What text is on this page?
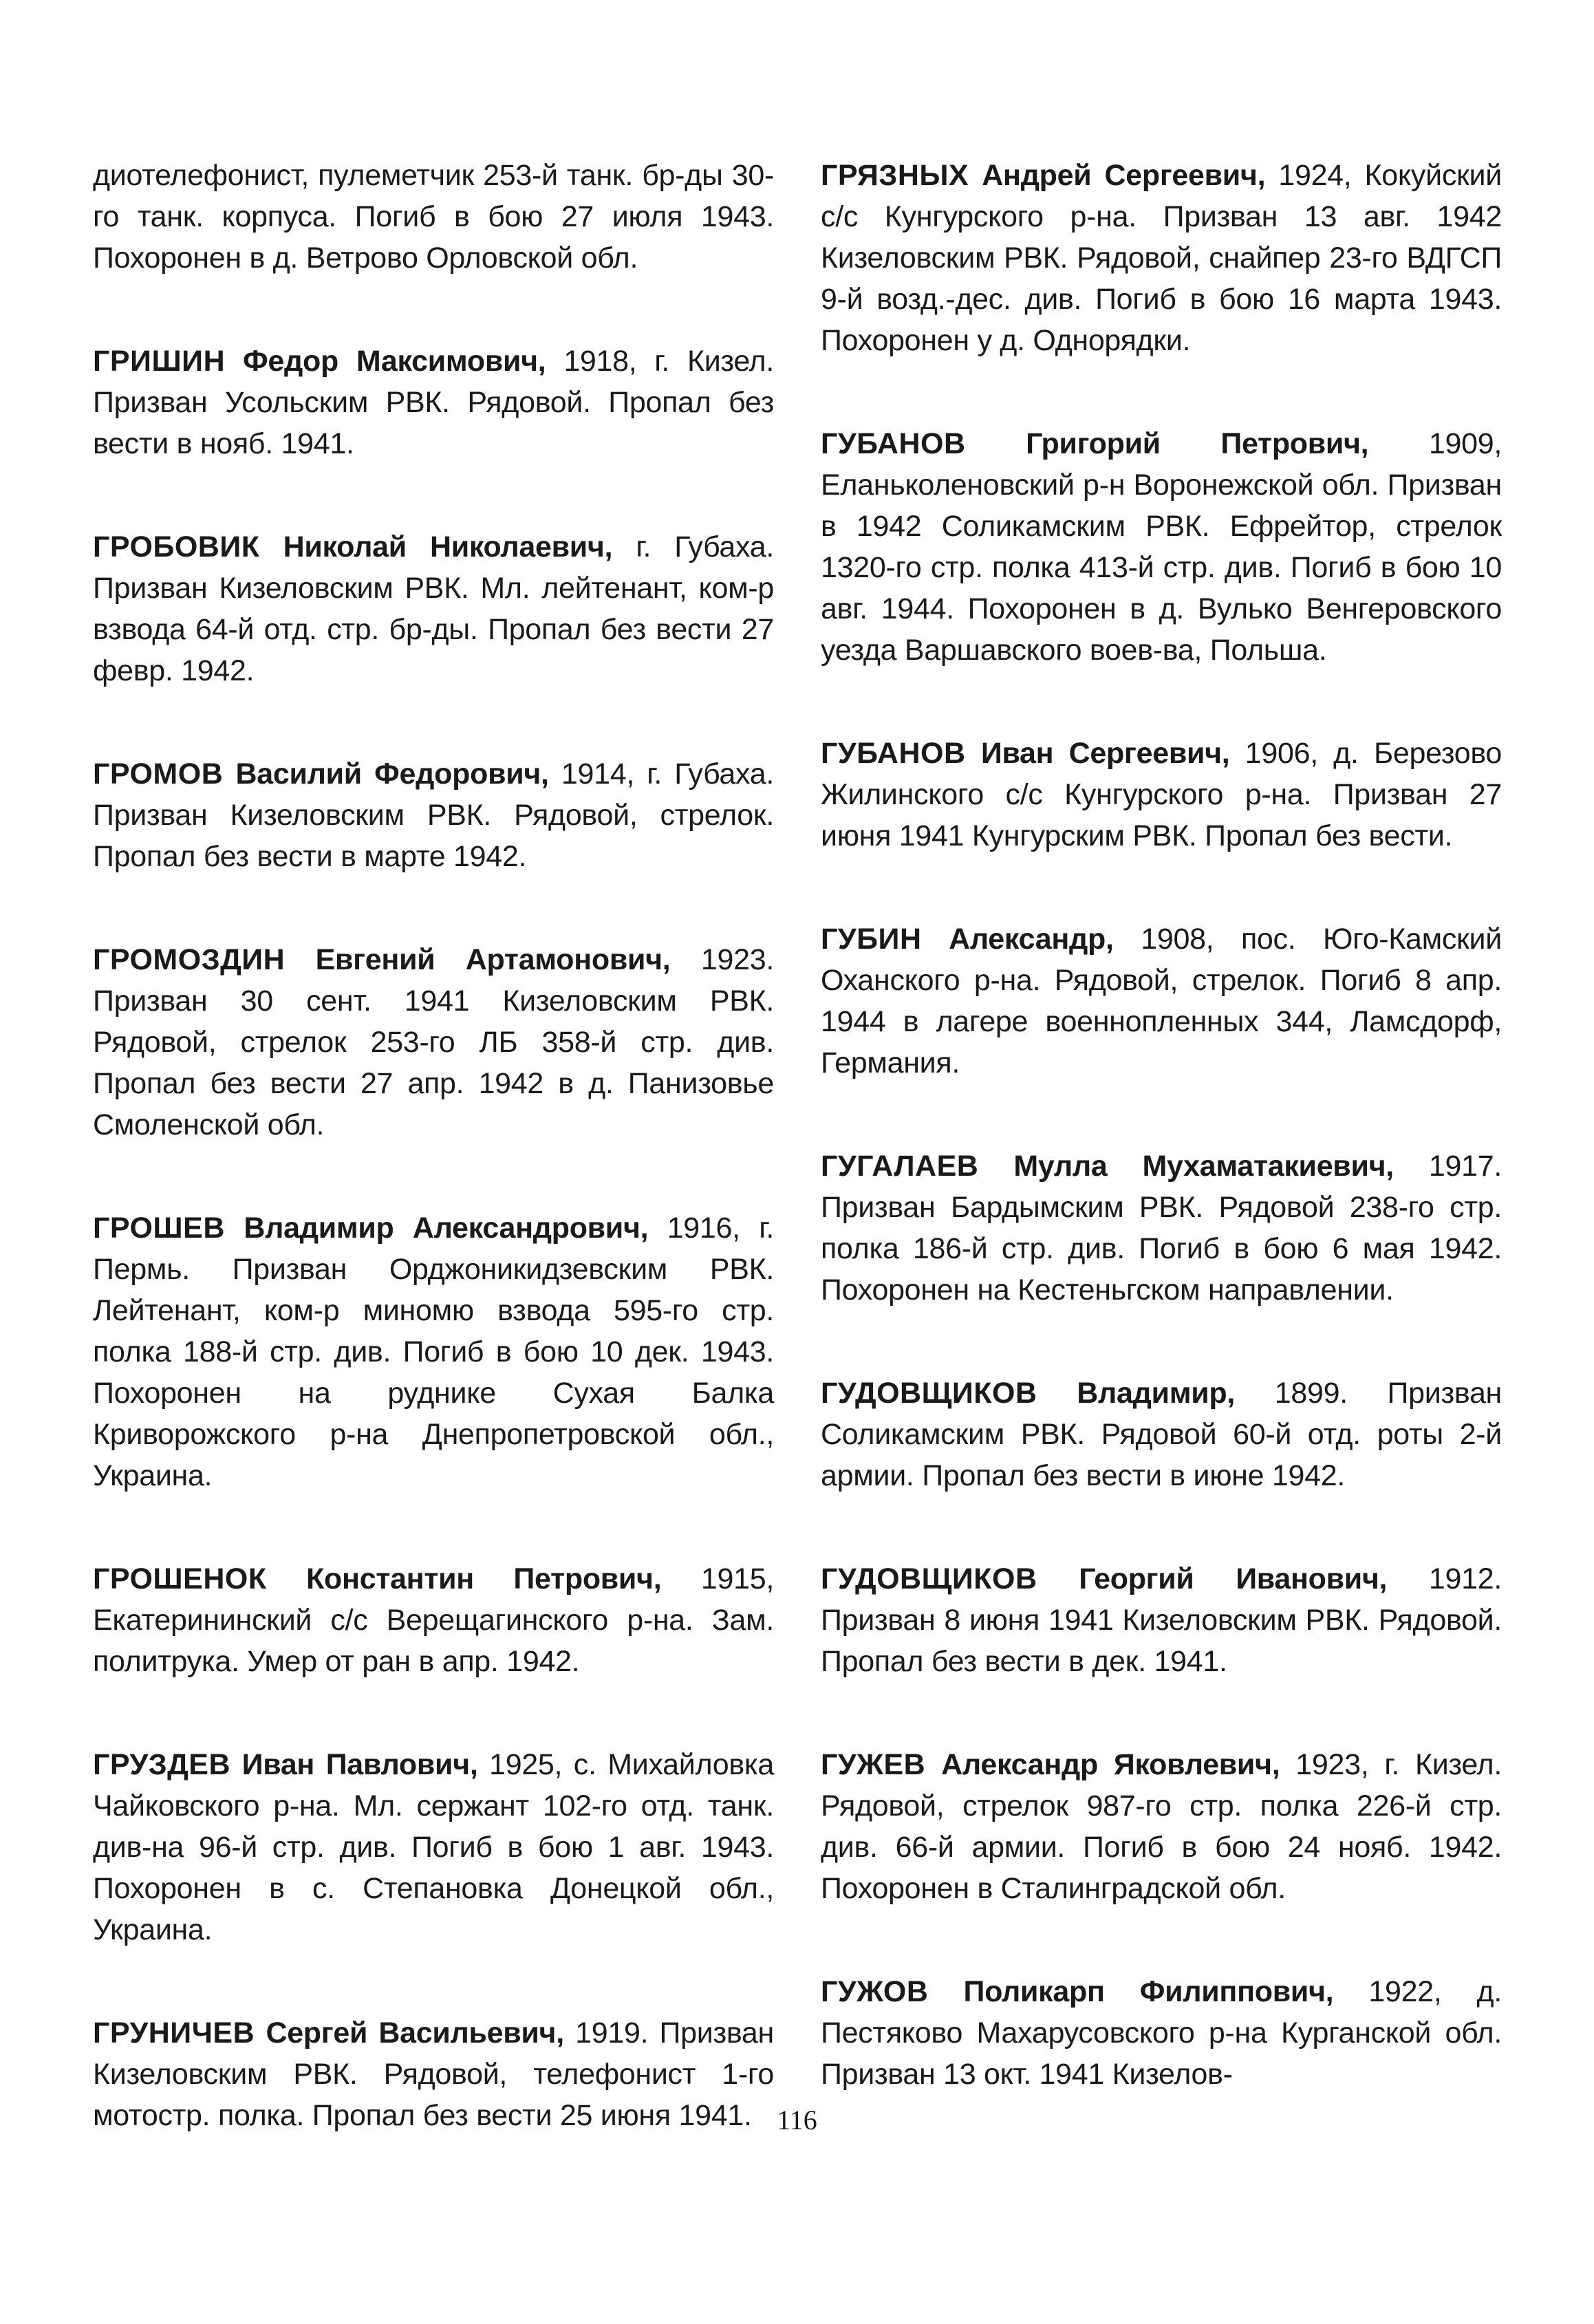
диотелефонист, пулеметчик 253-й танк. бр-ды 30-го танк. корпуса. Погиб в бою 27 июля 1943. Похоронен в д. Ветрово Орловской обл.

ГРИШИН Федор Максимович, 1918, г. Кизел. Призван Усольским РВК. Рядовой. Пропал без вести в нояб. 1941.

ГРОБОВИК Николай Николаевич, г. Губаха. Призван Кизеловским РВК. Мл. лейтенант, ком-р взвода 64-й отд. стр. бр-ды. Пропал без вести 27 февр. 1942.

ГРОМОВ Василий Федорович, 1914, г. Губаха. Призван Кизеловским РВК. Рядовой, стрелок. Пропал без вести в марте 1942.

ГРОМОЗДИН Евгений Артамонович, 1923. Призван 30 сент. 1941 Кизеловским РВК. Рядовой, стрелок 253-го ЛБ 358-й стр. див. Пропал без вести 27 апр. 1942 в д. Панизовье Смоленской обл.

ГРОШЕВ Владимир Александрович, 1916, г. Пермь. Призван Орджоникидзевским РВК. Лейтенант, ком-р миномю взвода 595-го стр. полка 188-й стр. див. Погиб в бою 10 дек. 1943. Похоронен на руднике Сухая Балка Криворожского р-на Днепропетровской обл., Украина.

ГРОШЕНОК Константин Петрович, 1915, Екатерининский с/с Верещагинского р-на. Зам. политрука. Умер от ран в апр. 1942.

ГРУЗДЕВ Иван Павлович, 1925, с. Михайловка Чайковского р-на. Мл. сержант 102-го отд. танк. див-на 96-й стр. див. Погиб в бою 1 авг. 1943. Похоронен в с. Степановка Донецкой обл., Украина.

ГРУНИЧЕВ Сергей Васильевич, 1919. Призван Кизеловским РВК. Рядовой, телефонист 1-го мотостр. полка. Пропал без вести 25 июня 1941.

ГРЯЗНЫХ Андрей Сергеевич, 1924, Кокуйский с/с Кунгурского р-на. Призван 13 авг. 1942 Кизеловским РВК. Рядовой, снайпер 23-го ВДГСП 9-й возд.-дес. див. Погиб в бою 16 марта 1943. Похоронен у д. Однорядки.

ГУБАНОВ Григорий Петрович, 1909, Еланьколеновский р-н Воронежской обл. Призван в 1942 Соликамским РВК. Ефрейтор, стрелок 1320-го стр. полка 413-й стр. див. Погиб в бою 10 авг. 1944. Похоронен в д. Вулько Венгеровского уезда Варшавского воев-ва, Польша.

ГУБАНОВ Иван Сергеевич, 1906, д. Березово Жилинского с/с Кунгурского р-на. Призван 27 июня 1941 Кунгурским РВК. Пропал без вести.

ГУБИН Александр, 1908, пос. Юго-Камский Оханского р-на. Рядовой, стрелок. Погиб 8 апр. 1944 в лагере военнопленных 344, Ламсдорф, Германия.

ГУГАЛАЕВ Мулла Мухаматакиевич, 1917. Призван Бардымским РВК. Рядовой 238-го стр. полка 186-й стр. див. Погиб в бою 6 мая 1942. Похоронен на Кестеньгском направлении.

ГУДОВЩИКОВ Владимир, 1899. Призван Соликамским РВК. Рядовой 60-й отд. роты 2-й армии. Пропал без вести в июне 1942.

ГУДОВЩИКОВ Георгий Иванович, 1912. Призван 8 июня 1941 Кизеловским РВК. Рядовой. Пропал без вести в дек. 1941.

ГУЖЕВ Александр Яковлевич, 1923, г. Кизел. Рядовой, стрелок 987-го стр. полка 226-й стр. див. 66-й армии. Погиб в бою 24 нояб. 1942. Похоронен в Сталинградской обл.

ГУЖОВ Поликарп Филиппович, 1922, д. Пестяково Махарусовского р-на Курганской обл. Призван 13 окт. 1941 Кизелов-

116
